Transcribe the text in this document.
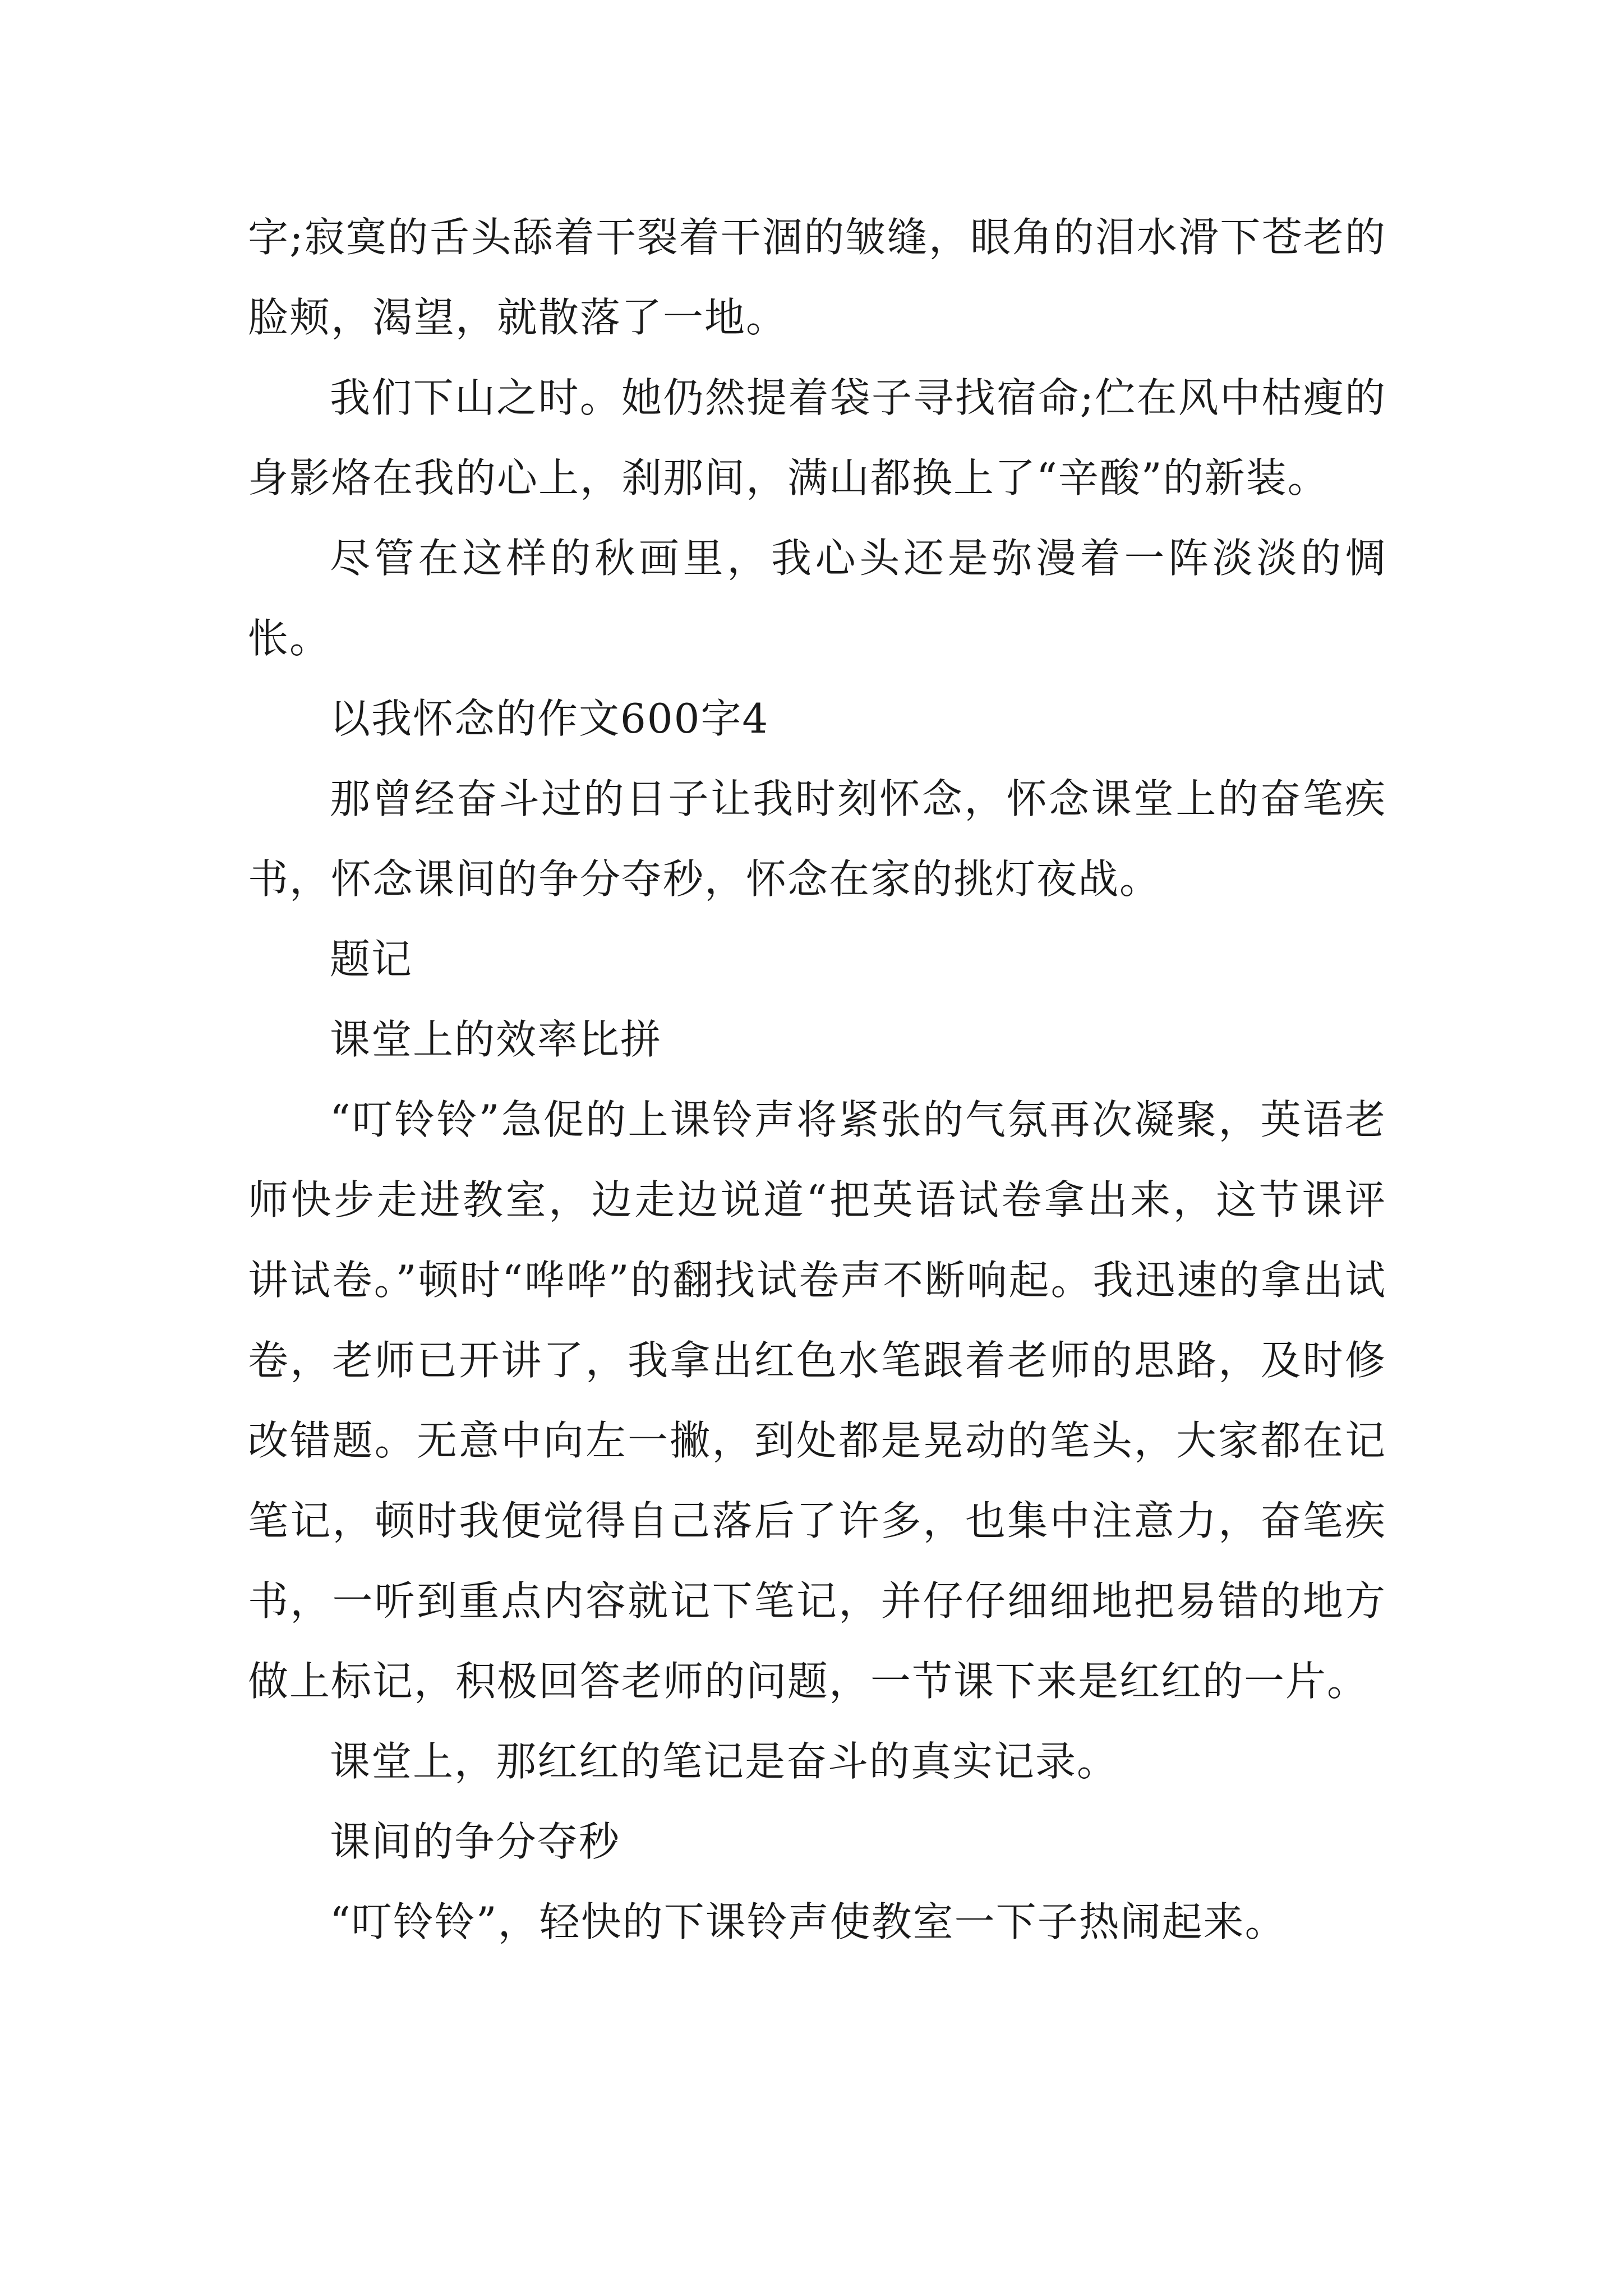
字;寂寞的舌头舔着干裂着干涸的皱缝，眼角的泪水滑下苍老的脸颊，渴望，就散落了一地。

我们下山之时。她仍然提着袋子寻找宿命;伫在风中枯瘦的身影烙在我的心上，刹那间，满山都换上了“辛酸”的新装。

尽管在这样的秋画里，我心头还是弥漫着一阵淡淡的惆怅。

以我怀念的作文600字4

那曾经奋斗过的日子让我时刻怀念，怀念课堂上的奋笔疾书，怀念课间的争分夺秒，怀念在家的挑灯夜战。

题记

课堂上的效率比拼

“叮铃铃”急促的上课铃声将紧张的气氛再次凝聚，英语老师快步走进教室，边走边说道“把英语试卷拿出来，这节课评讲试卷。”顿时“哗哗”的翻找试卷声不断响起。我迅速的拿出试卷，老师已开讲了，我拿出红色水笔跟着老师的思路，及时修改错题。无意中向左一撇，到处都是晃动的笔头，大家都在记笔记，顿时我便觉得自己落后了许多，也集中注意力，奋笔疾书，一听到重点内容就记下笔记，并仔仔细细地把易错的地方做上标记，积极回答老师的问题，一节课下来是红红的一片。

课堂上，那红红的笔记是奋斗的真实记录。

课间的争分夺秒

“叮铃铃”，轻快的下课铃声使教室一下子热闹起来。
